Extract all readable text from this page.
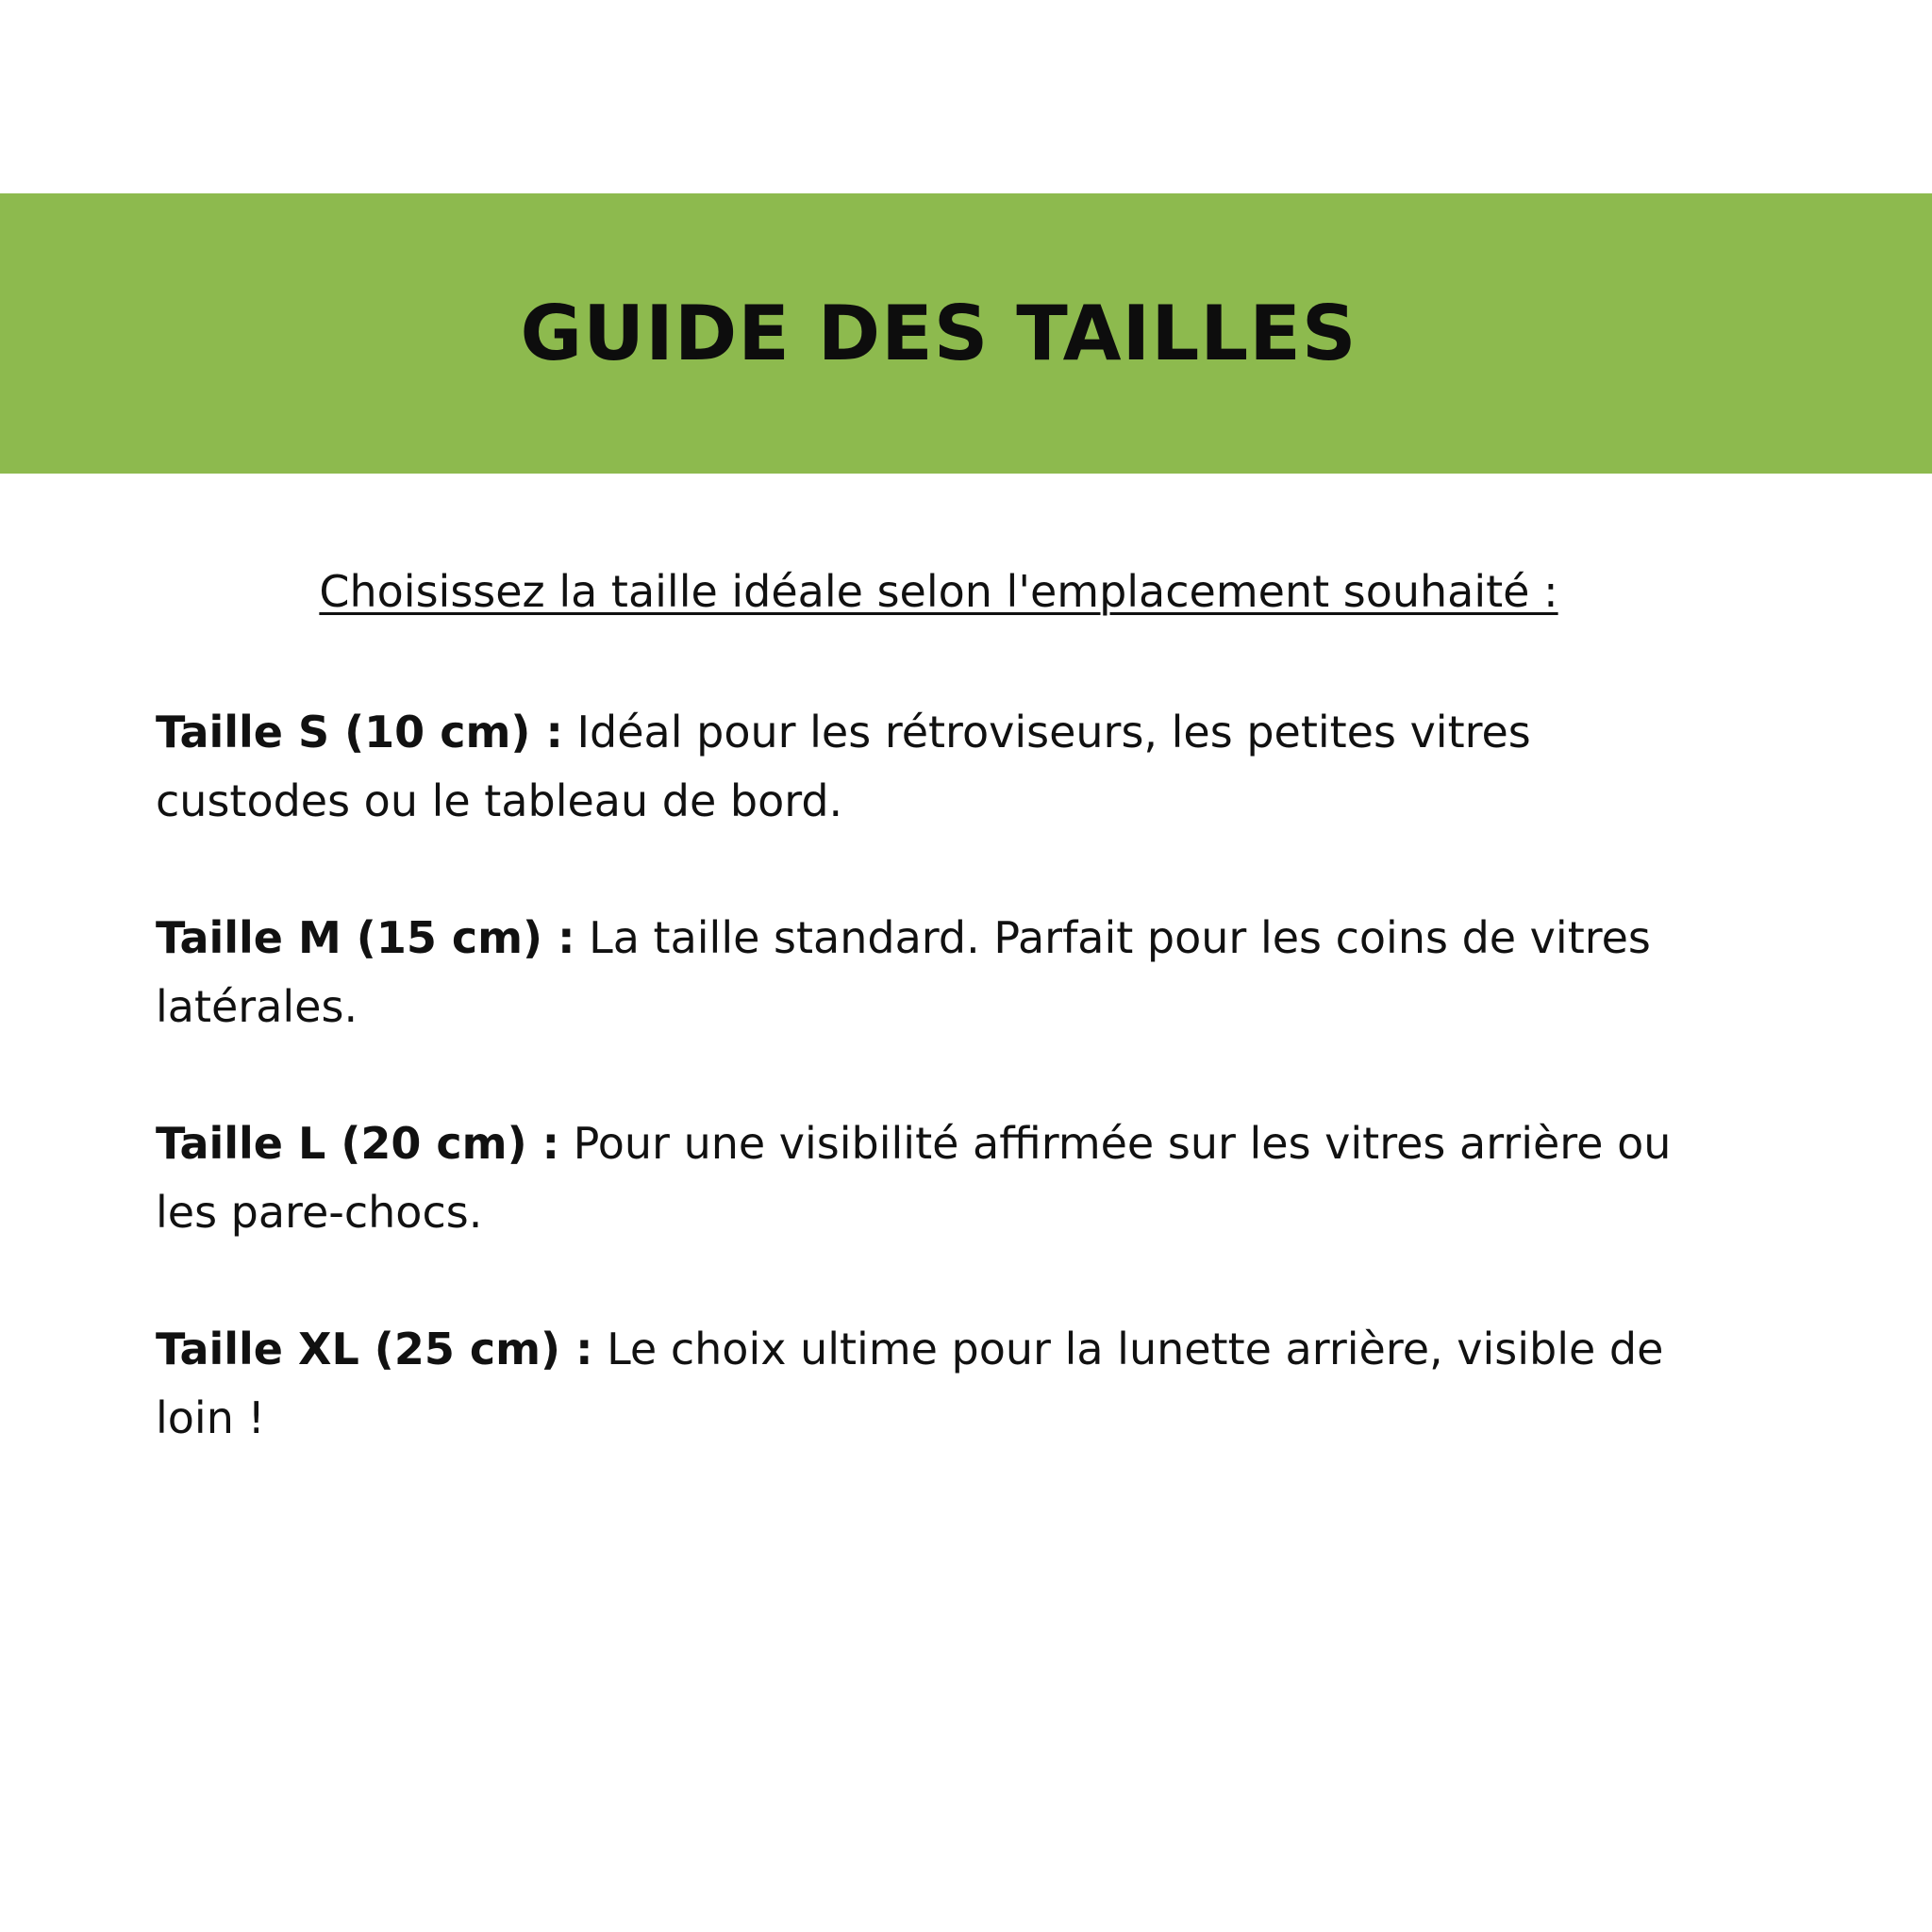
GUIDE DES TAILLES

Choisissez la taille idéale selon l'emplacement souhaité :

Taille S (10 cm) : Idéal pour les rétroviseurs, les petites vitres custodes ou le tableau de bord.
Taille M (15 cm) : La taille standard. Parfait pour les coins de vitres latérales.
Taille L (20 cm) : Pour une visibilité affirmée sur les vitres arrière ou les pare-chocs.
Taille XL (25 cm) : Le choix ultime pour la lunette arrière, visible de loin !
